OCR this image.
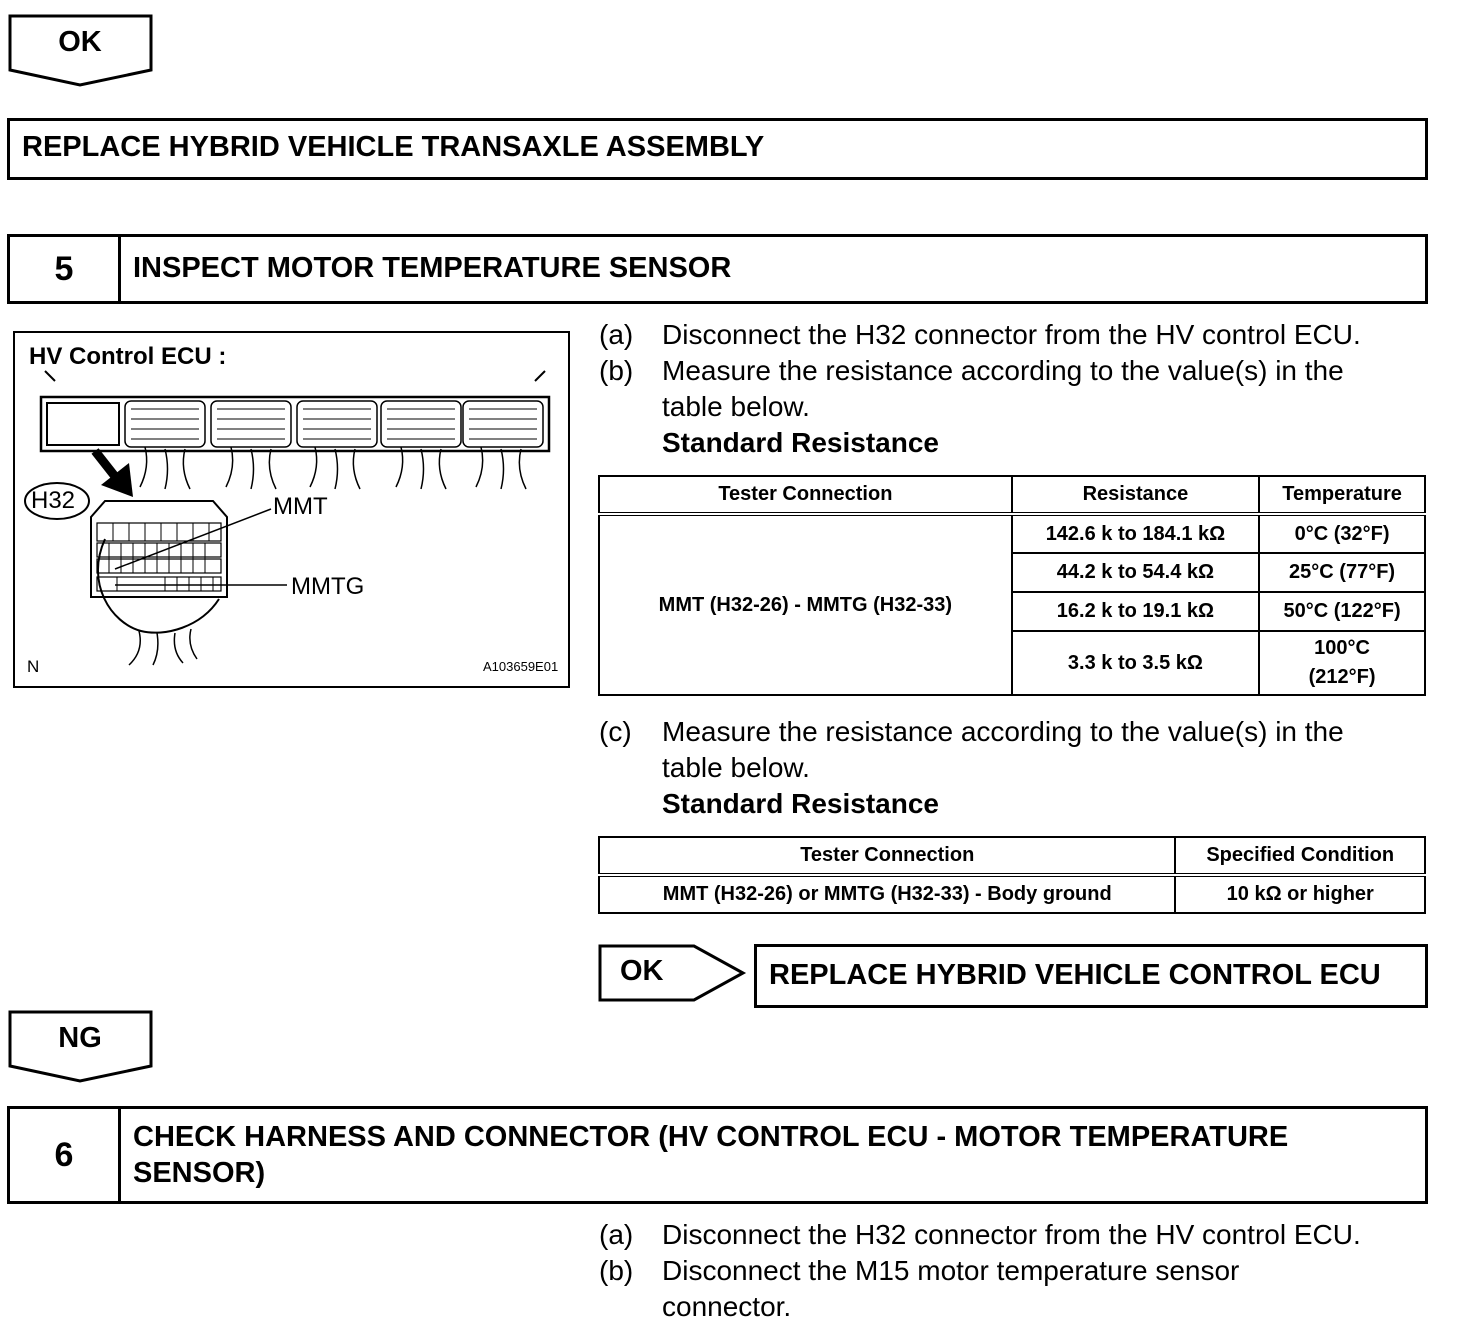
OK
REPLACE HYBRID VEHICLE TRANSAXLE ASSEMBLY
5	INSPECT MOTOR TEMPERATURE SENSOR
HV Control ECU :
H32	MMT
MMTG
N	A103659E01
(a) Disconnect the H32 connector from the HV control ECU.
(b) Measure the resistance according to the value(s) in the
table below.
Standard Resistance
Tester Connection	Resistance	Temperature
MMT (H32-26) - MMTG (H32-33)	142.6 k to 184.1 kΩ	0°C (32°F)
	44.2 k to 54.4 kΩ	25°C (77°F)
	16.2 k to 19.1 kΩ	50°C (122°F)
	3.3 k to 3.5 kΩ	100°C
(212°F)
(c) Measure the resistance according to the value(s) in the
table below.
Standard Resistance
Tester Connection	Specified Condition
MMT (H32-26) or MMTG (H32-33) - Body ground	10 kΩ or higher
OK	REPLACE HYBRID VEHICLE CONTROL ECU
NG
6	CHECK HARNESS AND CONNECTOR (HV CONTROL ECU - MOTOR TEMPERATURE
SENSOR)
(a) Disconnect the H32 connector from the HV control ECU.
(b) Disconnect the M15 motor temperature sensor
connector.
